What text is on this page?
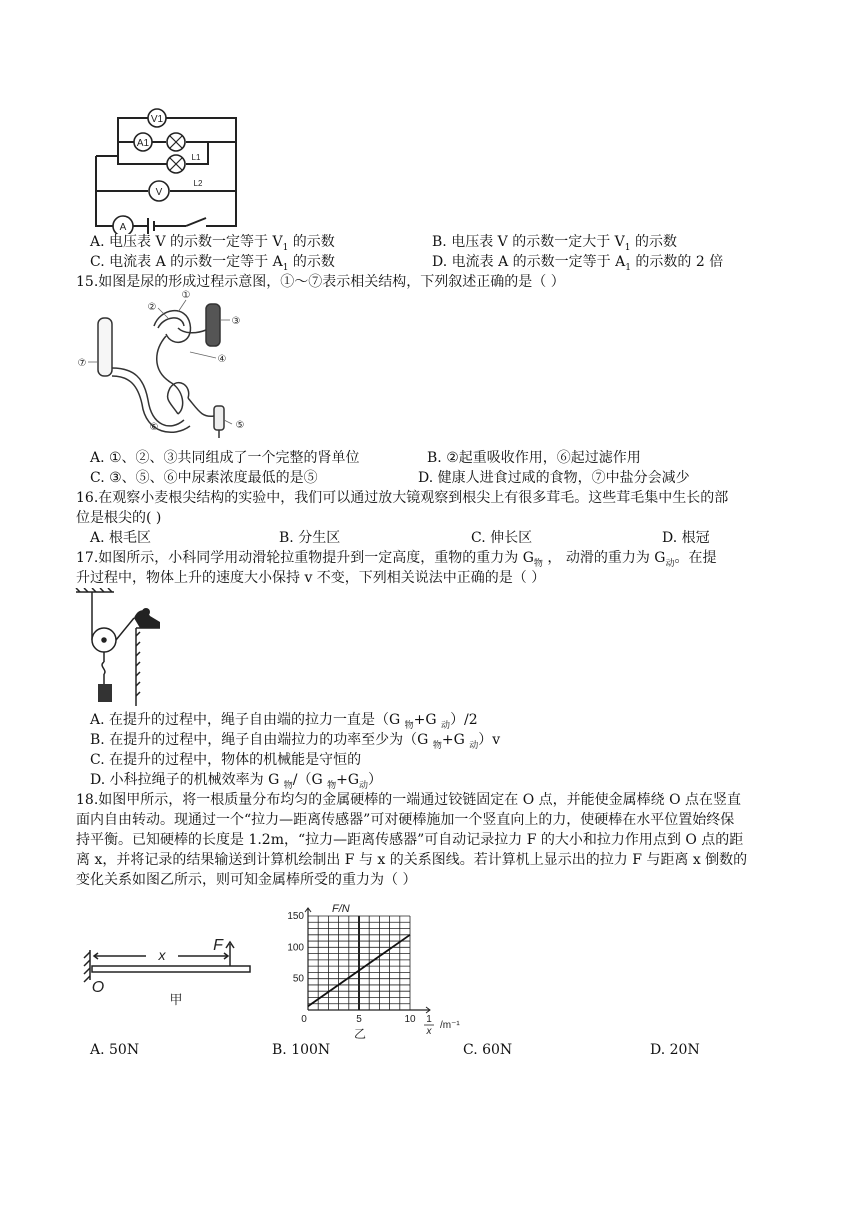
V1
A1
V
A
L1
L2
A. 电压表 V 的示数一定等于 $V_1$ 的示数	B. 电压表 V 的示数一定大于 $V_1$ 的示数
C. 电流表 A 的示数一定等于 $A_1$ 的示数	D. 电流表 A 的示数一定等于 $A_1$ 的示数的 2 倍
15.如图是尿的形成过程示意图，①～⑦表示相关结构，下列叙述正确的是（ ）
①
②
③
④
⑤
⑥
⑦
A. ①、②、③共同组成了一个完整的肾单位	B. ②起重吸收作用，⑥起过滤作用
C. ③、⑤、⑥中尿素浓度最低的是⑤	D. 健康人进食过咸的食物，⑦中盐分会减少
16.在观察小麦根尖结构的实验中，我们可以通过放大镜观察到根尖上有很多茸毛。这些茸毛集中生长的部
位是根尖的( )
A. 根毛区	B. 分生区	C. 伸长区	D. 根冠
17.如图所示，小科同学用动滑轮拉重物提升到一定高度，重物的重力为 $G_物$ ， 动滑的重力为 $G_动$。在提
升过程中，物体上升的速度大小保持 v 不变，下列相关说法中正确的是（ ）
A. 在提升的过程中，绳子自由端的拉力一直是（G $_物$+G $_动$）/2
B. 在提升的过程中，绳子自由端拉力的功率至少为（G $_物$+G $_动$）v
C. 在提升的过程中，物体的机械能是守恒的
D. 小科拉绳子的机械效率为 G $_物$/（G $_物+G_动$）
18.如图甲所示，将一根质量分布均匀的金属硬棒的一端通过铰链固定在 O 点，并能使金属棒绕 O 点在竖直
面内自由转动。现通过一个“拉力—距离传感器”可对硬棒施加一个竖直向上的力，使硬棒在水平位置始终保
持平衡。已知硬棒的长度是 1.2m，“拉力—距离传感器”可自动记录拉力 F 的大小和拉力作用点到 O 点的距
离 x，并将记录的结果输送到计算机绘制出 F 与 x 的关系图线。若计算机上显示出的拉力 F 与距离 x 倒数的
变化关系如图乙所示，则可知金属棒所受的重力为（ ）
x
F
O
甲
0	5	10
50
100
150
F/N
1
x
/m⁻¹
乙
A. 50N	B. 100N	C. 60N	D. 20N
